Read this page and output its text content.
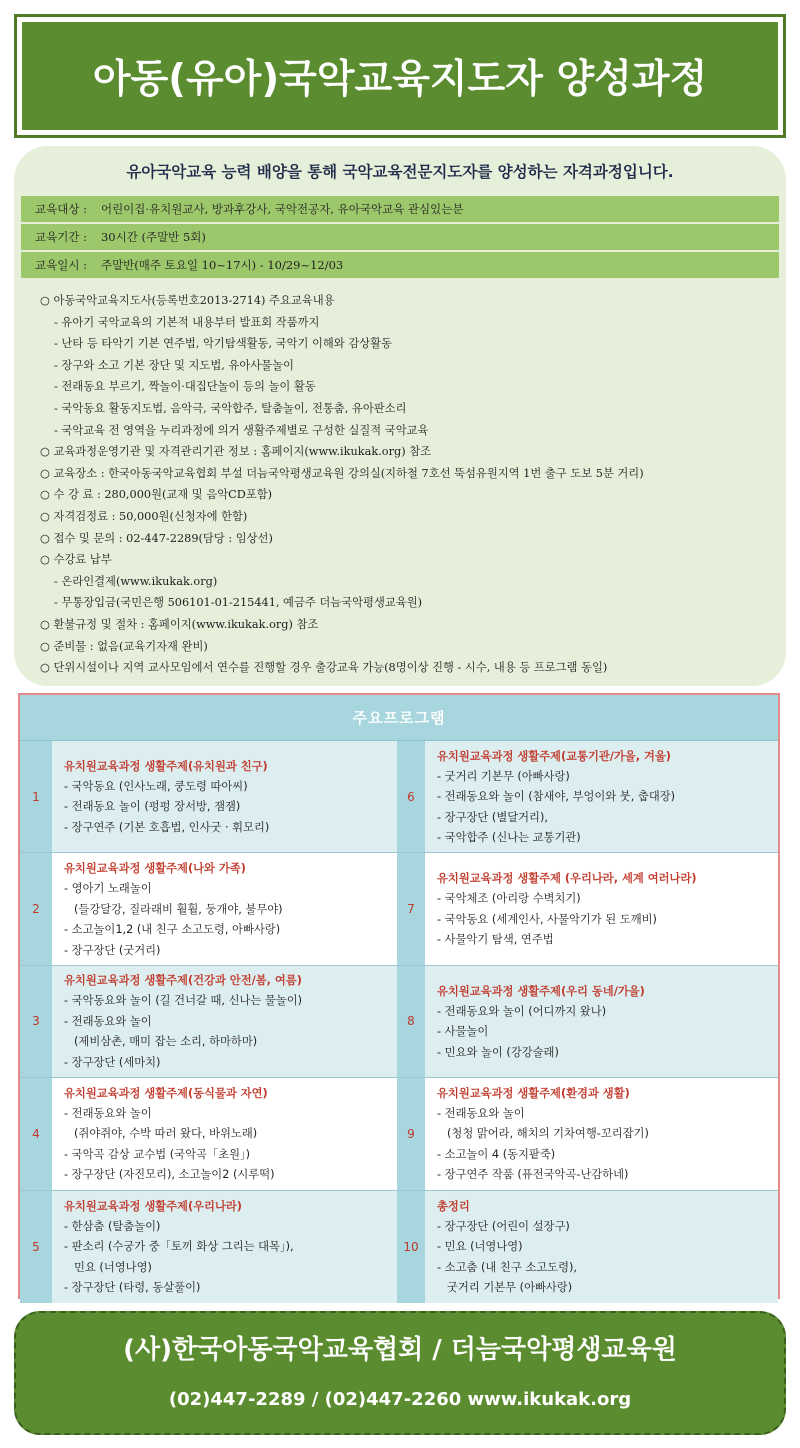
아동(유아)국악교육지도자 양성과정
유아국악교육 능력 배양을 통해 국악교육전문지도자를 양성하는 자격과정입니다.
교육대상 : 어린이집·유치원교사, 방과후강사, 국악전공자, 유아국악교육 관심있는분
교육기간 : 30시간 (주말반 5회)
교육일시 : 주말반(매주 토요일 10~17시) - 10/29~12/03
○ 아동국악교육지도사(등록번호2013-2714) 주요교육내용
- 유아기 국악교육의 기본적 내용부터 발표회 작품까지
- 난타 등 타악기 기본 연주법, 악기탐색활동, 국악기 이해와 감상활동
- 장구와 소고 기본 장단 및 지도법, 유아사물놀이
- 전래동요 부르기, 짝놀이·대집단놀이 등의 놀이 활동
- 국악동요 활동지도법, 음악극, 국악합주, 탈춤놀이, 전통춤, 유아판소리
- 국악교육 전 영역을 누리과정에 의거 생활주제별로 구성한 실질적 국악교육
○ 교육과정운영기관 및 자격관리기관 정보 : 홈페이지(www.ikukak.org) 참조
○ 교육장소 : 한국아동국악교육협회 부설 더늠국악평생교육원 강의실(지하철 7호선 뚝섬유원지역 1번 출구 도보 5분 거리)
○ 수 강 료 : 280,000원(교재 및 음악CD포함)
○ 자격검정료 : 50,000원(신청자에 한함)
○ 접수 및 문의 : 02-447-2289(담당 : 임상선)
○ 수강료 납부
- 온라인결제(www.ikukak.org)
- 무통장입금(국민은행 506101-01-215441, 예금주 더늠국악평생교육원)
○ 환불규정 및 절차 : 홈페이지(www.ikukak.org) 참조
○ 준비물 : 없음(교육기자재 완비)
○ 단위시설이나 지역 교사모임에서 연수를 진행할 경우 출강교육 가능(8명이상 진행 - 시수, 내용 등 프로그램 동일)
주요프로그램
1
유치원교육과정 생활주제(유치원과 친구)
- 국악동요 (인사노래, 쿵도령 따아씨)
- 전래동요 놀이 (펑펑 장서방, 잼잼)
- 장구연주 (기본 호흡법, 인사굿 · 휘모리)
6
유치원교육과정 생활주제(교통기관/가을, 겨울)
- 굿거리 기본무 (아빠사랑)
- 전래동요와 놀이 (참새야, 부엉이와 붓, 춥대장)
- 장구장단 (별달거리),
- 국악합주 (신나는 교통기관)
2
유치원교육과정 생활주제(나와 가족)
- 영아기 노래놀이
(들강달강, 질라래비 훨훨, 둥개야, 불무야)
- 소고놀이1,2 (내 친구 소고도령, 아빠사랑)
- 장구장단 (굿거리)
7
유치원교육과정 생활주제 (우리나라, 세계 여러나라)
- 국악체조 (아리랑 수벽치기)
- 국악동요 (세계인사, 사물악기가 된 도깨비)
- 사물악기 탐색, 연주법
3
유치원교육과정 생활주제(건강과 안전/봄, 여름)
- 국악동요와 놀이 (길 건너갈 때, 신나는 물놀이)
- 전래동요와 놀이
(제비삼촌, 매미 잡는 소리, 하마하마)
- 장구장단 (세마치)
8
유치원교육과정 생활주제(우리 동네/가을)
- 전래동요와 놀이 (어디까지 왔나)
- 사물놀이
- 민요와 놀이 (강강술래)
4
유치원교육과정 생활주제(동식물과 자연)
- 전래동요와 놀이
(쥐야쥐야, 수박 따러 왔다, 바위노래)
- 국악곡 감상 교수법 (국악곡「초원」)
- 장구장단 (자진모리), 소고놀이2 (시루떡)
9
유치원교육과정 생활주제(환경과 생활)
- 전래동요와 놀이
(청청 맑어라, 해치의 기차여행-꼬리잡기)
- 소고놀이 4 (동지팥죽)
- 장구연주 작품 (퓨전국악곡-난감하네)
5
유치원교육과정 생활주제(우리나라)
- 한삼춤 (탈춤놀이)
- 판소리 (수궁가 중「토끼 화상 그리는 대목」),
민요 (너영나영)
- 장구장단 (타령, 동살풀이)
10
총정리
- 장구장단 (어린이 설장구)
- 민요 (너영나영)
- 소고춤 (내 친구 소고도령),
굿거리 기본무 (아빠사랑)
(사)한국아동국악교육협회 / 더늠국악평생교육원
(02)447-2289 / (02)447-2260 www.ikukak.org
